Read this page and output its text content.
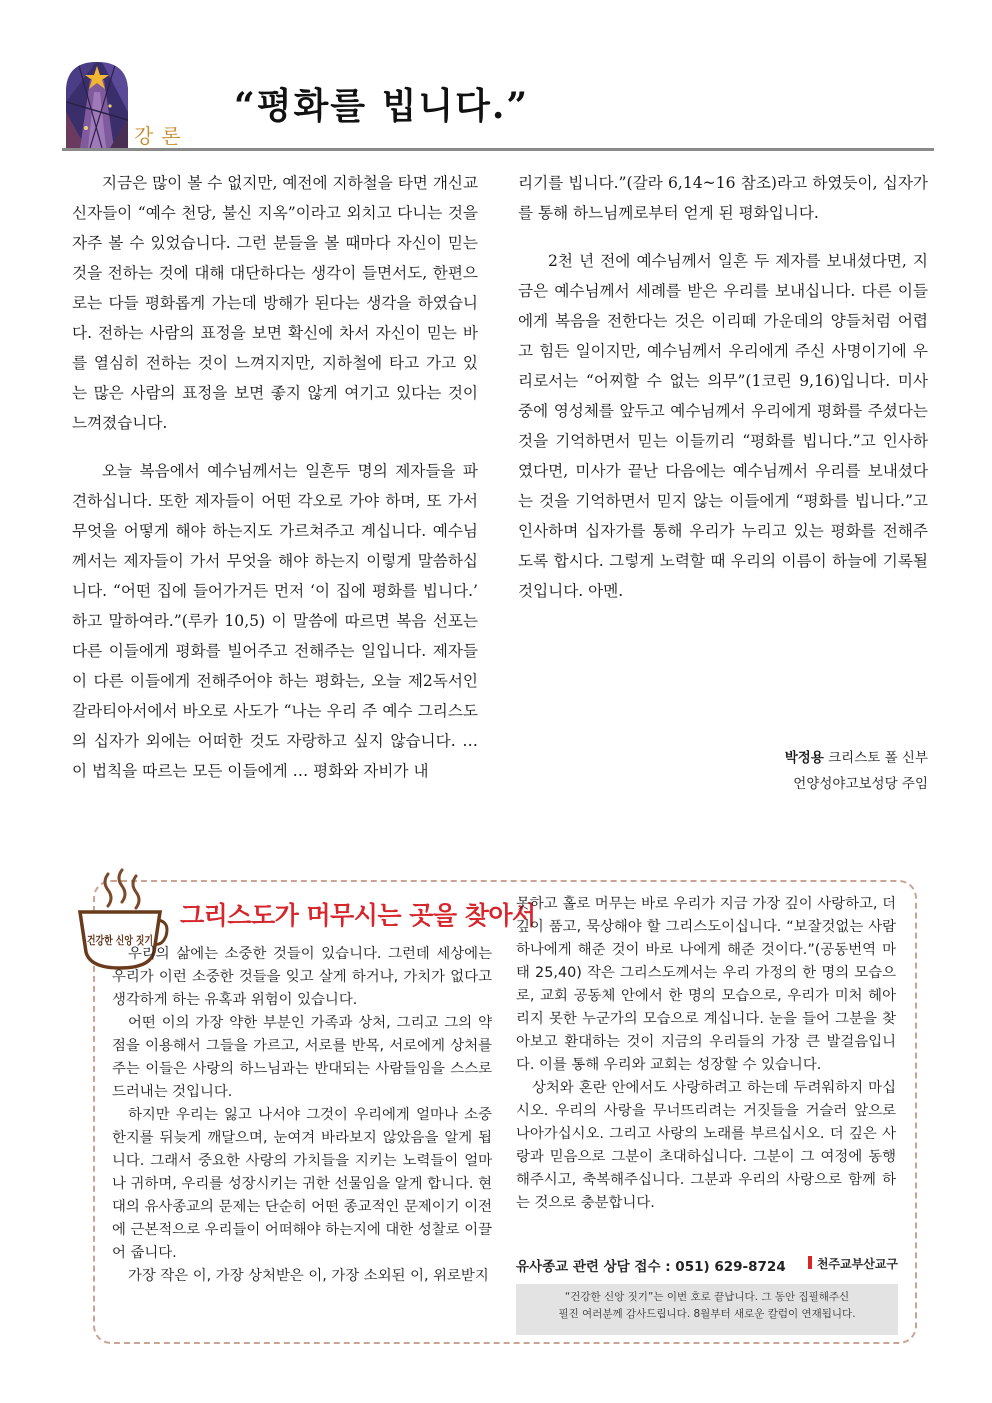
강론
“평화를 빕니다.”

지금은 많이 볼 수 없지만, 예전에 지하철을 타면 개신교 신자들이 “예수 천당, 불신 지옥”이라고 외치고 다니는 것을 자주 볼 수 있었습니다. 그런 분들을 볼 때마다 자신이 믿는 것을 전하는 것에 대해 대단하다는 생각이 들면서도, 한편으로는 다들 평화롭게 가는데 방해가 된다는 생각을 하였습니다. 전하는 사람의 표정을 보면 확신에 차서 자신이 믿는 바를 열심히 전하는 것이 느껴지지만, 지하철에 타고 가고 있는 많은 사람의 표정을 보면 좋지 않게 여기고 있다는 것이 느껴졌습니다.

오늘 복음에서 예수님께서는 일흔두 명의 제자들을 파견하십니다. 또한 제자들이 어떤 각오로 가야 하며, 또 가서 무엇을 어떻게 해야 하는지도 가르쳐주고 계십니다. 예수님께서는 제자들이 가서 무엇을 해야 하는지 이렇게 말씀하십니다. “어떤 집에 들어가거든 먼저 ‘이 집에 평화를 빕니다.’ 하고 말하여라.”(루카 10,5) 이 말씀에 따르면 복음 선포는 다른 이들에게 평화를 빌어주고 전해주는 일입니다. 제자들이 다른 이들에게 전해주어야 하는 평화는, 오늘 제2독서인 갈라티아서에서 바오로 사도가 “나는 우리 주 예수 그리스도의 십자가 외에는 어떠한 것도 자랑하고 싶지 않습니다. … 이 법칙을 따르는 모든 이들에게 … 평화와 자비가 내

리기를 빕니다.”(갈라 6,14~16 참조)라고 하였듯이, 십자가를 통해 하느님께로부터 얻게 된 평화입니다.

2천 년 전에 예수님께서 일흔 두 제자를 보내셨다면, 지금은 예수님께서 세례를 받은 우리를 보내십니다. 다른 이들에게 복음을 전한다는 것은 이리떼 가운데의 양들처럼 어렵고 힘든 일이지만, 예수님께서 우리에게 주신 사명이기에 우리로서는 “어찌할 수 없는 의무”(1코린 9,16)입니다. 미사 중에 영성체를 앞두고 예수님께서 우리에게 평화를 주셨다는 것을 기억하면서 믿는 이들끼리 “평화를 빕니다.”고 인사하였다면, 미사가 끝난 다음에는 예수님께서 우리를 보내셨다는 것을 기억하면서 믿지 않는 이들에게 “평화를 빕니다.”고 인사하며 십자가를 통해 우리가 누리고 있는 평화를 전해주도록 합시다. 그렇게 노력할 때 우리의 이름이 하늘에 기록될 것입니다. 아멘.

박정용 크리스토 폴 신부
언양성야고보성당 주임
건강한 신앙 짓기
그리스도가 머무시는 곳을 찾아서

우리의 삶에는 소중한 것들이 있습니다. 그런데 세상에는 우리가 이런 소중한 것들을 잊고 살게 하거나, 가치가 없다고 생각하게 하는 유혹과 위험이 있습니다.

어떤 이의 가장 약한 부분인 가족과 상처, 그리고 그의 약점을 이용해서 그들을 가르고, 서로를 반목, 서로에게 상처를 주는 이들은 사랑의 하느님과는 반대되는 사람들임을 스스로 드러내는 것입니다.

하지만 우리는 잃고 나서야 그것이 우리에게 얼마나 소중한지를 뒤늦게 깨달으며, 눈여겨 바라보지 않았음을 알게 됩니다. 그래서 중요한 사랑의 가치들을 지키는 노력들이 얼마나 귀하며, 우리를 성장시키는 귀한 선물임을 알게 합니다. 현대의 유사종교의 문제는 단순히 어떤 종교적인 문제이기 이전에 근본적으로 우리들이 어떠해야 하는지에 대한 성찰로 이끌어 줍니다.

가장 작은 이, 가장 상처받은 이, 가장 소외된 이, 위로받지

못하고 홀로 머무는 바로 우리가 지금 가장 깊이 사랑하고, 더 깊이 품고, 묵상해야 할 그리스도이십니다. “보잘것없는 사람 하나에게 해준 것이 바로 나에게 해준 것이다.”(공동번역 마태 25,40) 작은 그리스도께서는 우리 가정의 한 명의 모습으로, 교회 공동체 안에서 한 명의 모습으로, 우리가 미처 헤아리지 못한 누군가의 모습으로 계십니다. 눈을 들어 그분을 찾아보고 환대하는 것이 지금의 우리들의 가장 큰 발걸음입니다. 이를 통해 우리와 교회는 성장할 수 있습니다.

상처와 혼란 안에서도 사랑하려고 하는데 두려워하지 마십시오. 우리의 사랑을 무너뜨리려는 거짓들을 거슬러 앞으로 나아가십시오. 그리고 사랑의 노래를 부르십시오. 더 깊은 사랑과 믿음으로 그분이 초대하십니다. 그분이 그 여정에 동행해주시고, 축복해주십니다. 그분과 우리의 사랑으로 함께 하는 것으로 충분합니다.

유사종교 관련 상담 접수 : 051) 629-8724	천주교부산교구
“건강한 신앙 짓기”는 이번 호로 끝납니다. 그 동안 집필해주신
필진 여러분께 감사드립니다. 8월부터 새로운 칼럼이 연재됩니다.
